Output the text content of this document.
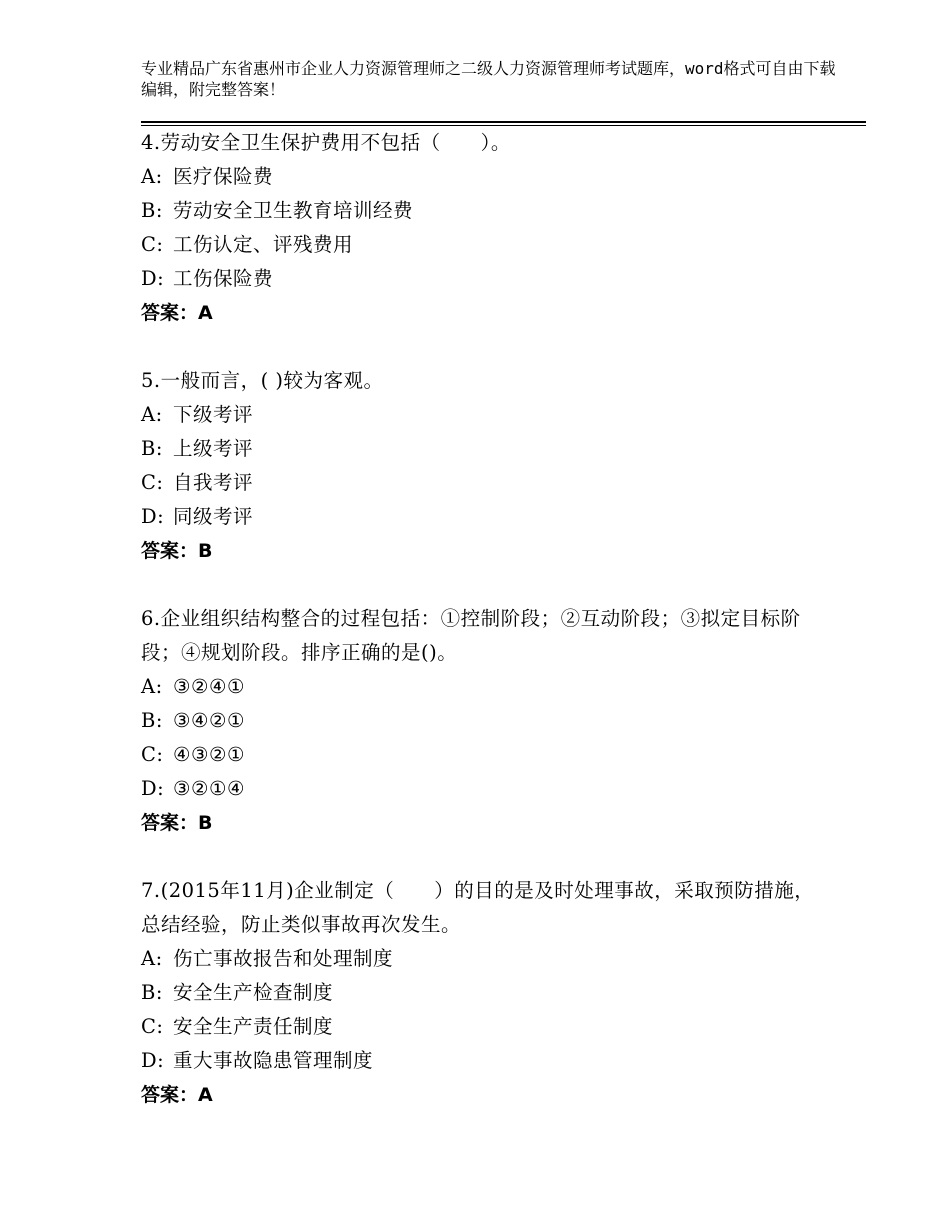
专业精品广东省惠州市企业人力资源管理师之二级人力资源管理师考试题库，word格式可自由下载编辑，附完整答案！

4.劳动安全卫生保护费用不包括（　　）。

A: 医疗保险费

B: 劳动安全卫生教育培训经费

C: 工伤认定、评残费用

D: 工伤保险费

答案：A

5.一般而言，( )较为客观。

A: 下级考评

B: 上级考评

C: 自我考评

D: 同级考评

答案：B

6.企业组织结构整合的过程包括：①控制阶段；②互动阶段；③拟定目标阶段；④规划阶段。排序正确的是()。

A: ③②④①

B: ③④②①

C: ④③②①

D: ③②①④

答案：B

7.(2015年11月)企业制定（　　）的目的是及时处理事故，采取预防措施，总结经验，防止类似事故再次发生。

A: 伤亡事故报告和处理制度

B: 安全生产检查制度

C: 安全生产责任制度

D: 重大事故隐患管理制度

答案：A
